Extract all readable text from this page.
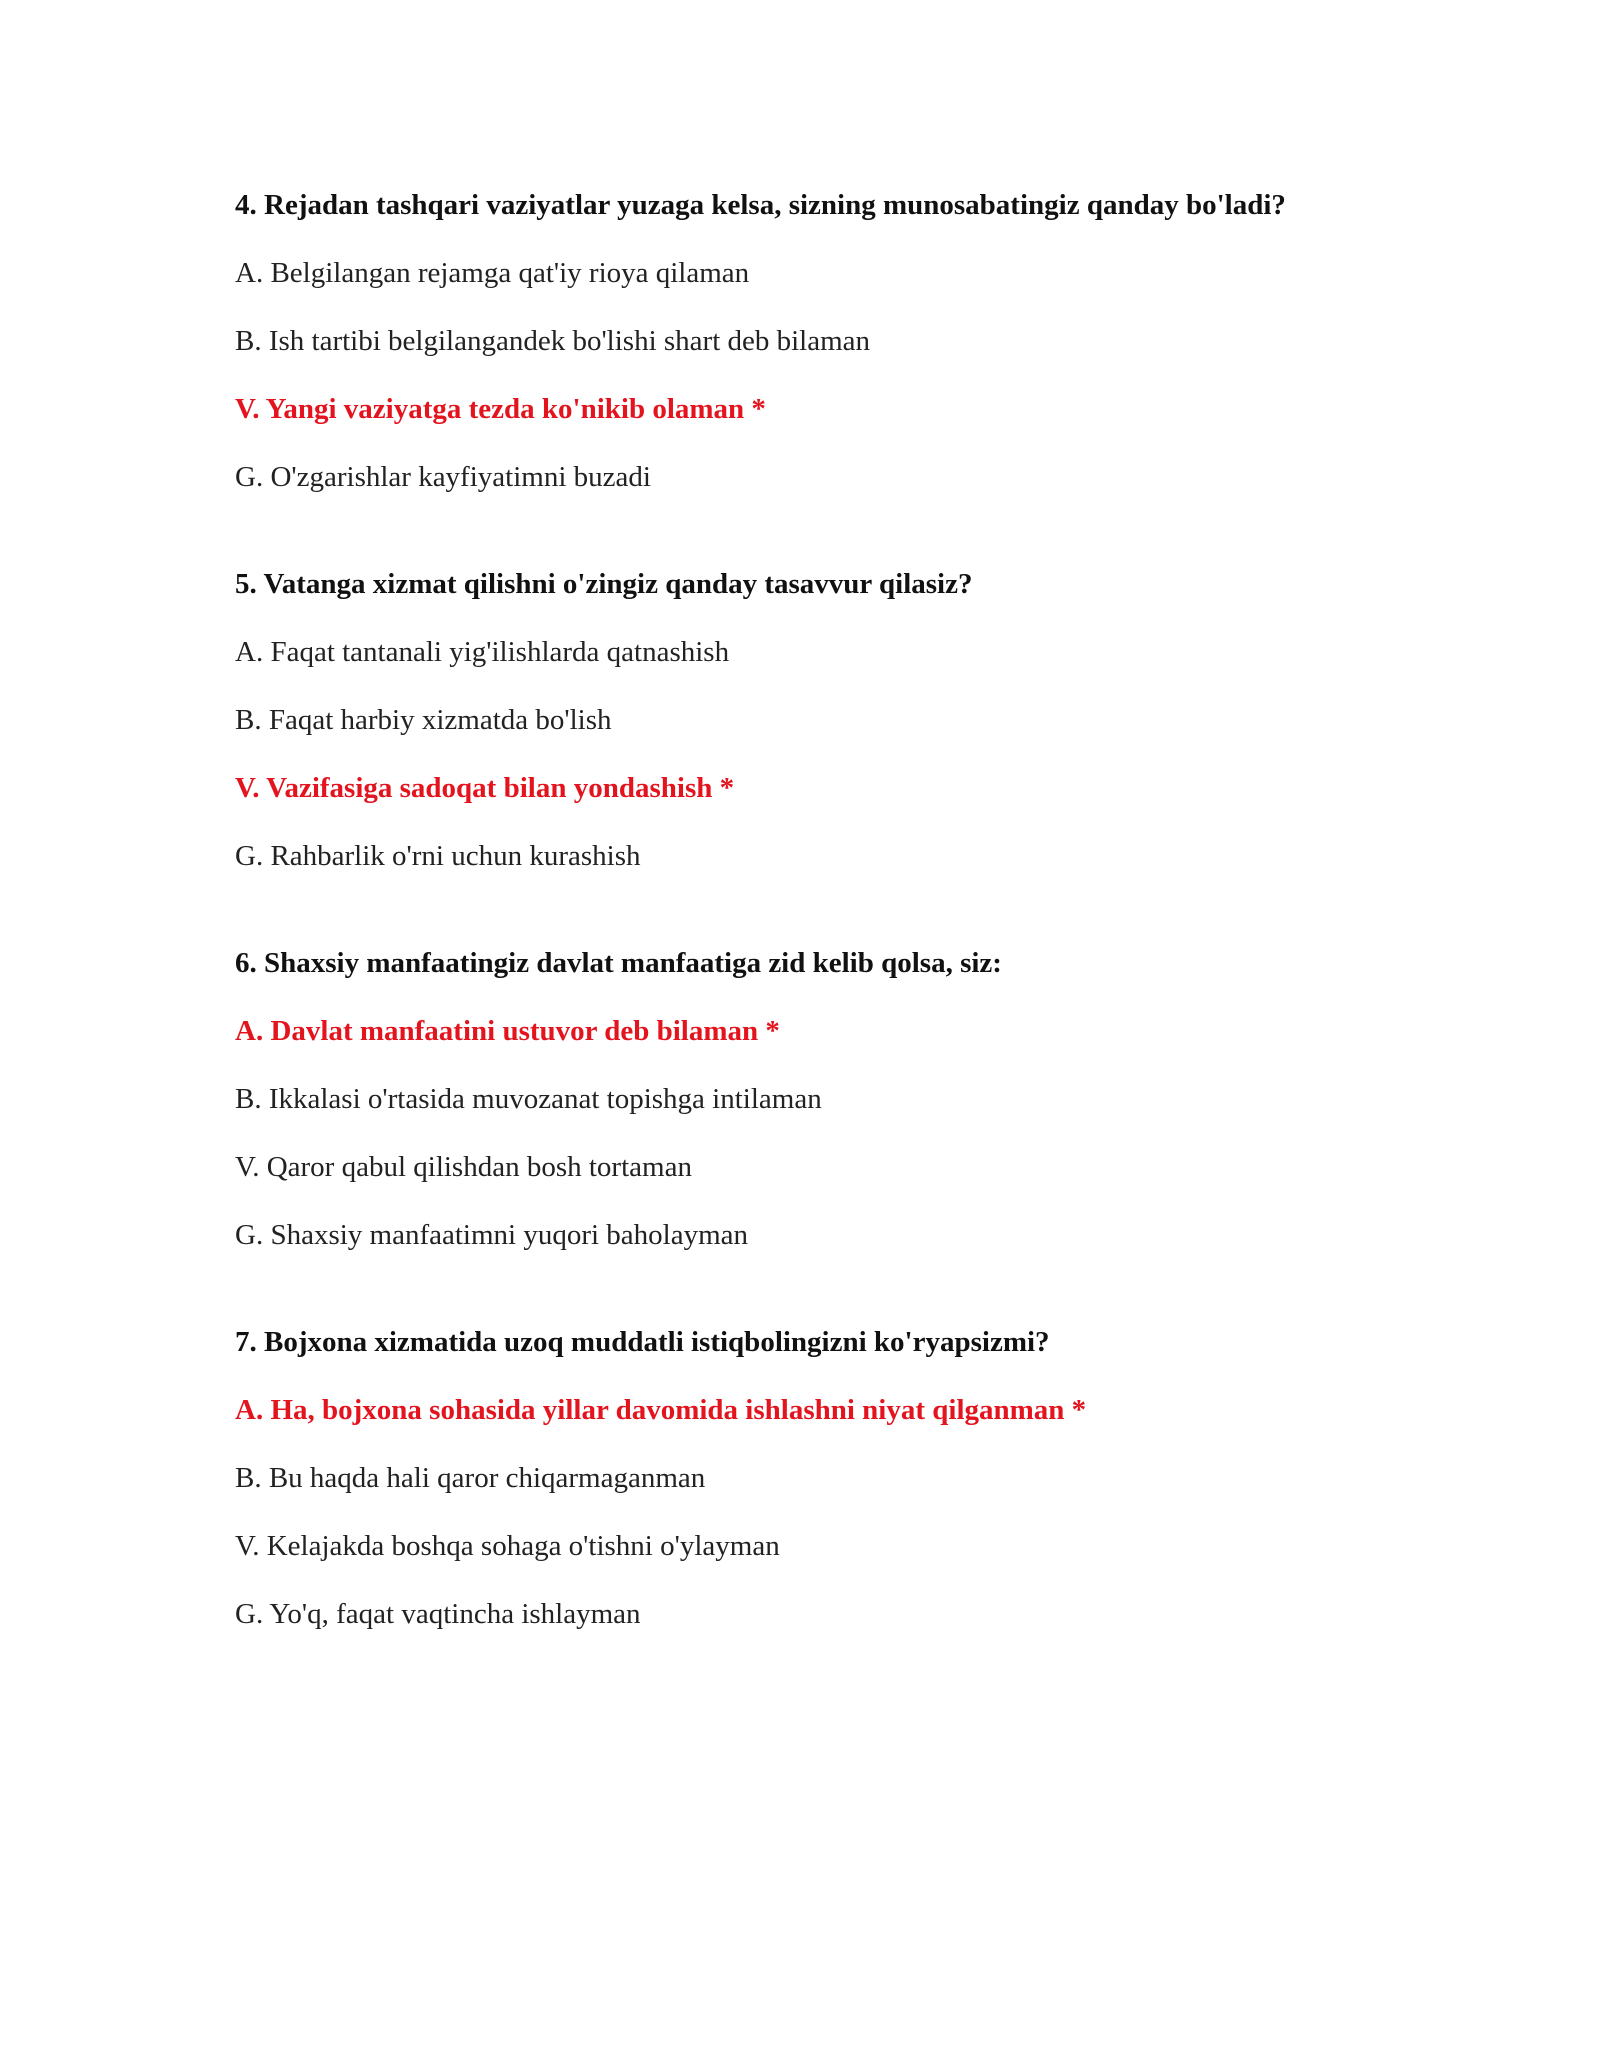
4. Rejadan tashqari vaziyatlar yuzaga kelsa, sizning munosabatingiz qanday bo'ladi?
A. Belgilangan rejamga qat'iy rioya qilaman
B. Ish tartibi belgilangandek bo'lishi shart deb bilaman
V. Yangi vaziyatga tezda ko'nikib olaman *
G. O'zgarishlar kayfiyatimni buzadi
5. Vatanga xizmat qilishni o'zingiz qanday tasavvur qilasiz?
A. Faqat tantanali yig'ilishlarda qatnashish
B. Faqat harbiy xizmatda bo'lish
V. Vazifasiga sadoqat bilan yondashish *
G. Rahbarlik o'rni uchun kurashish
6. Shaxsiy manfaatingiz davlat manfaatiga zid kelib qolsa, siz:
A. Davlat manfaatini ustuvor deb bilaman *
B. Ikkalasi o'rtasida muvozanat topishga intilaman
V. Qaror qabul qilishdan bosh tortaman
G. Shaxsiy manfaatimni yuqori baholayman
7. Bojxona xizmatida uzoq muddatli istiqbolingizni ko'ryapsizmi?
A. Ha, bojxona sohasida yillar davomida ishlashni niyat qilganman *
B. Bu haqda hali qaror chiqarmaganman
V. Kelajakda boshqa sohaga o'tishni o'ylayman
G. Yo'q, faqat vaqtincha ishlayman
